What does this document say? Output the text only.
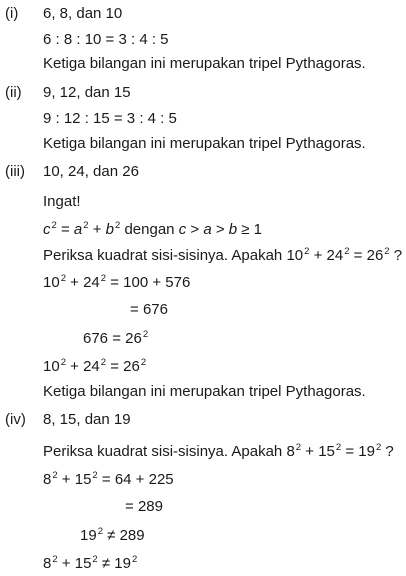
(i) 6, 8, dan 10
6 : 8 : 10 = 3 : 4 : 5
Ketiga bilangan ini merupakan tripel Pythagoras.
(ii) 9, 12, dan 15
9 : 12 : 15 = 3 : 4 : 5
Ketiga bilangan ini merupakan tripel Pythagoras.
(iii) 10, 24, dan 26
Ingat!
$c^2 = a^2 + b^2$ dengan c > a > b ≥ 1
Periksa kuadrat sisi-sisinya. Apakah $10^2 + 24^2 = 26^2$ ?
$10^2 + 24^2 = 100 + 576$
= 676
$676 = 26^2$
$10^2 + 24^2 = 26^2$
Ketiga bilangan ini merupakan tripel Pythagoras.
(iv) 8, 15, dan 19
Periksa kuadrat sisi-sisinya. Apakah $8^2 + 15^2 = 19^2$ ?
$8^2 + 15^2 = 64 + 225$
= 289
$19^2 \ne 289$
$8^2 + 15^2 \ne 19^2$
